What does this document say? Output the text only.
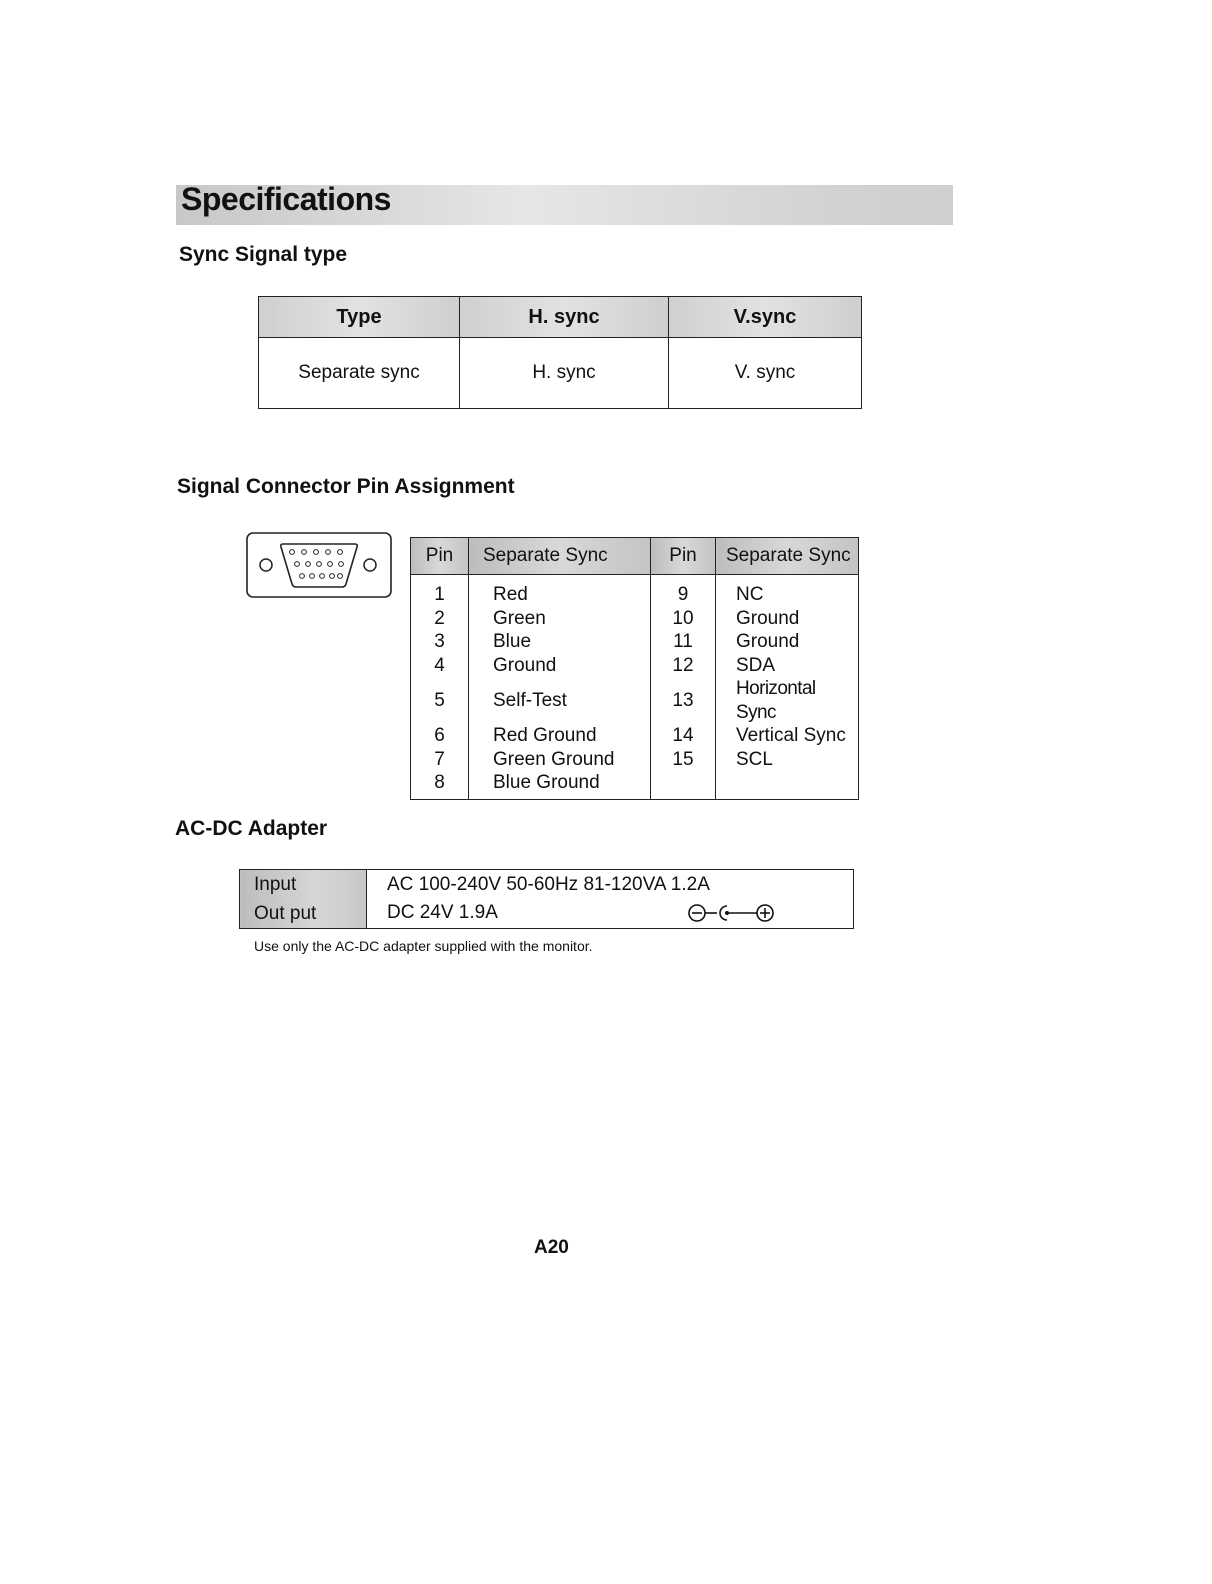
Specifications
Sync Signal type
Type	H. sync	V.sync
Separate sync	H. sync	V. sync
Signal Connector Pin Assignment
Pin	Separate Sync	Pin	Separate Sync
1	Red	9	NC
2	Green	10	Ground
3	Blue	11	Ground
4	Ground	12	SDA
5	Self-Test	13	Horizontal Sync
6	Red Ground	14	Vertical Sync
7	Green Ground	15	SCL
8	Blue Ground		
AC-DC Adapter
Input	AC 100-240V 50-60Hz 81-120VA 1.2A
Out put	DC 24V 1.9A
Use only the AC-DC adapter supplied with the monitor.
A20
